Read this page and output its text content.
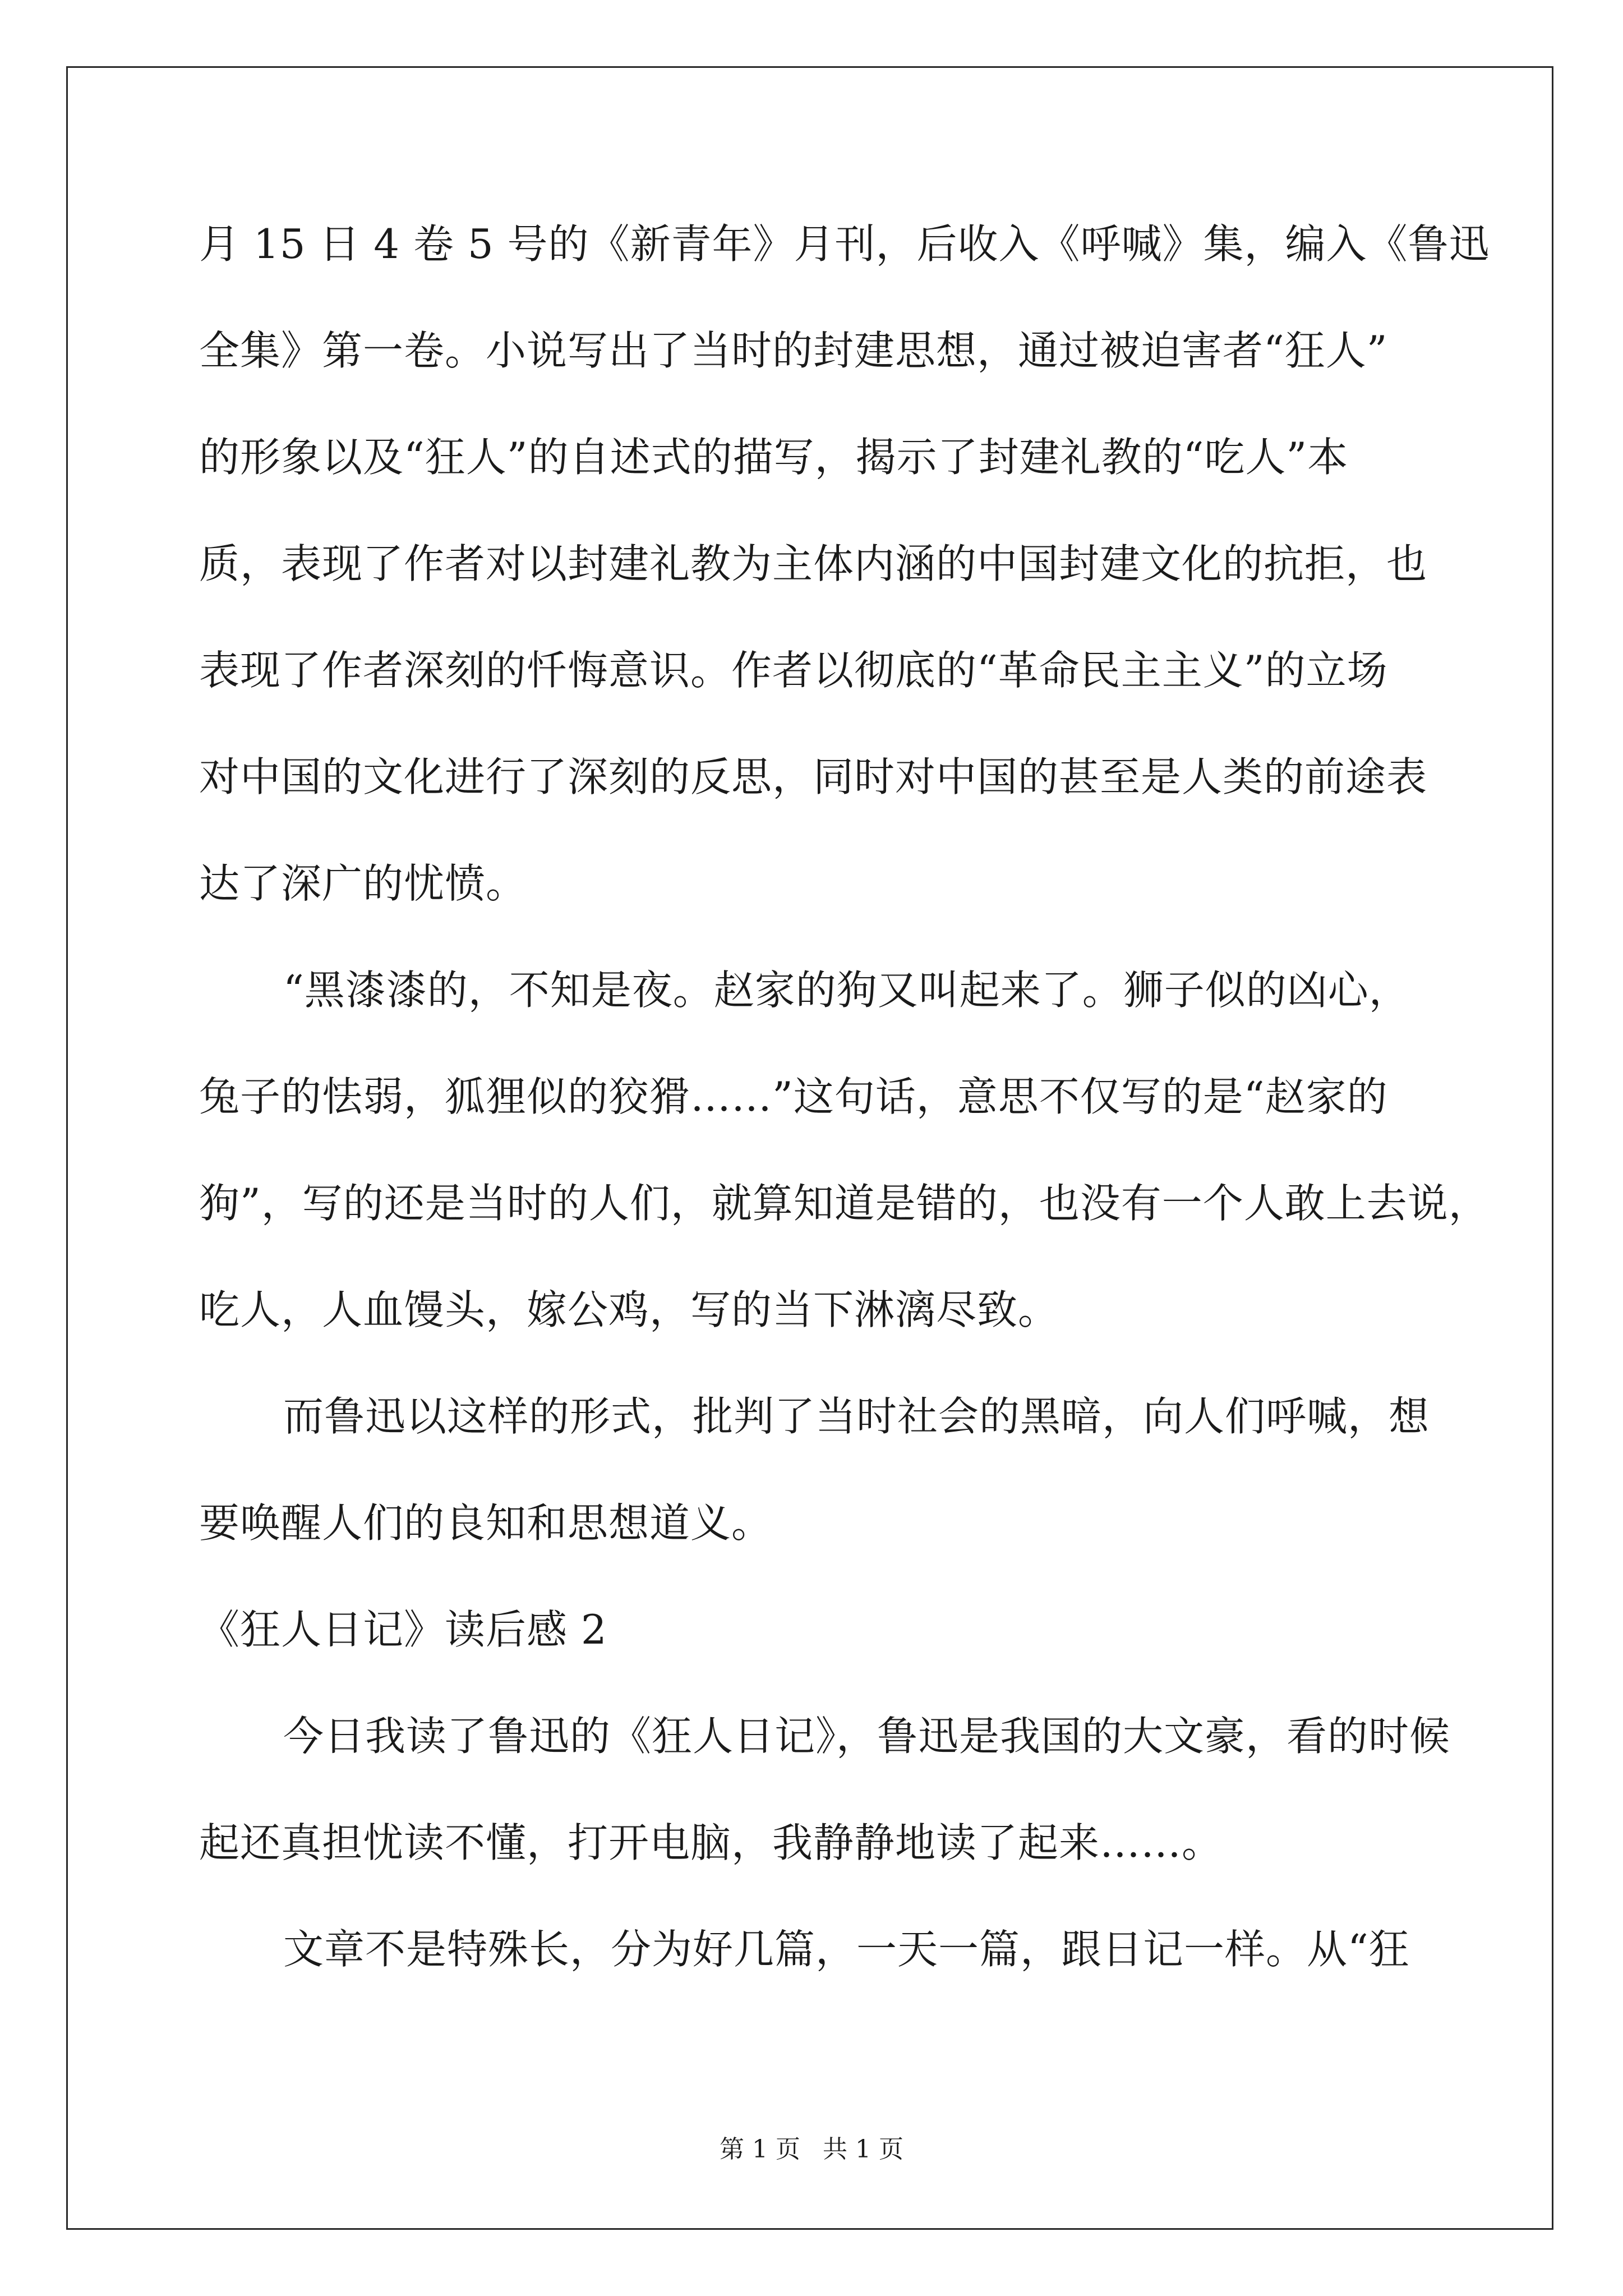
月 15 日 4 卷 5 号的《新青年》月刊，后收入《呼喊》集，编入《鲁迅
全集》第一卷。小说写出了当时的封建思想，通过被迫害者“狂人”
的形象以及“狂人”的自述式的描写，揭示了封建礼教的“吃人”本
质，表现了作者对以封建礼教为主体内涵的中国封建文化的抗拒，也
表现了作者深刻的忏悔意识。作者以彻底的“革命民主主义”的立场
对中国的文化进行了深刻的反思，同时对中国的甚至是人类的前途表
达了深广的忧愤。
“黑漆漆的，不知是夜。赵家的狗又叫起来了。狮子似的凶心，
兔子的怯弱，狐狸似的狡猾……”这句话，意思不仅写的是“赵家的
狗”，写的还是当时的人们，就算知道是错的，也没有一个人敢上去说，
吃人，人血馒头，嫁公鸡，写的当下淋漓尽致。
而鲁迅以这样的形式，批判了当时社会的黑暗，向人们呼喊，想
要唤醒人们的良知和思想道义。
《狂人日记》读后感 2
今日我读了鲁迅的《狂人日记》，鲁迅是我国的大文豪，看的时候
起还真担忧读不懂，打开电脑，我静静地读了起来……。
文章不是特殊长，分为好几篇，一天一篇，跟日记一样。从“狂
第 1 页 共 1 页
